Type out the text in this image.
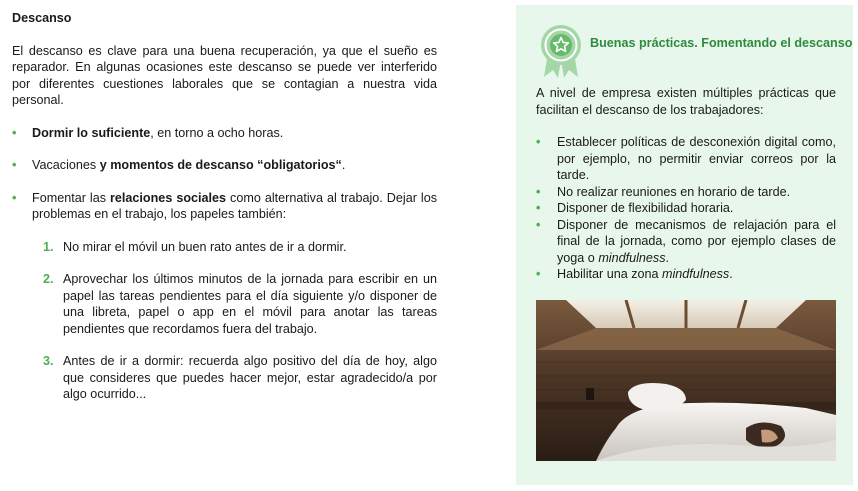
Descanso

El descanso es clave para una buena recuperación, ya que el sueño es reparador. En algunas ocasiones este descanso se puede ver interferido por diferentes cuestiones laborales que se contagian a nuestra vida personal.

• Dormir lo suficiente, en torno a ocho horas.
• Vacaciones y momentos de descanso “obligatorios“.
• Fomentar las relaciones sociales como alternativa al trabajo. Dejar los problemas en el trabajo, los papeles también:
1. No mirar el móvil un buen rato antes de ir a dormir.
2. Aprovechar los últimos minutos de la jornada para escribir en un papel las tareas pendientes para el día siguiente y/o disponer de una libreta, papel o app en el móvil para anotar las tareas pendientes que recordamos fuera del trabajo.
3. Antes de ir a dormir: recuerda algo positivo del día de hoy, algo que consideres que puedes hacer mejor, estar agradecido/a por algo ocurrido...
Buenas prácticas. Fomentando el descanso

A nivel de empresa existen múltiples prácticas que facilitan el descanso de los trabajadores:

• Establecer políticas de desconexión digital como, por ejemplo, no permitir enviar correos por la tarde.
• No realizar reuniones en horario de tarde.
• Disponer de flexibilidad horaria.
• Disponer de mecanismos de relajación para el final de la jornada, como por ejemplo clases de yoga o mindfulness.
• Habilitar una zona mindfulness.
